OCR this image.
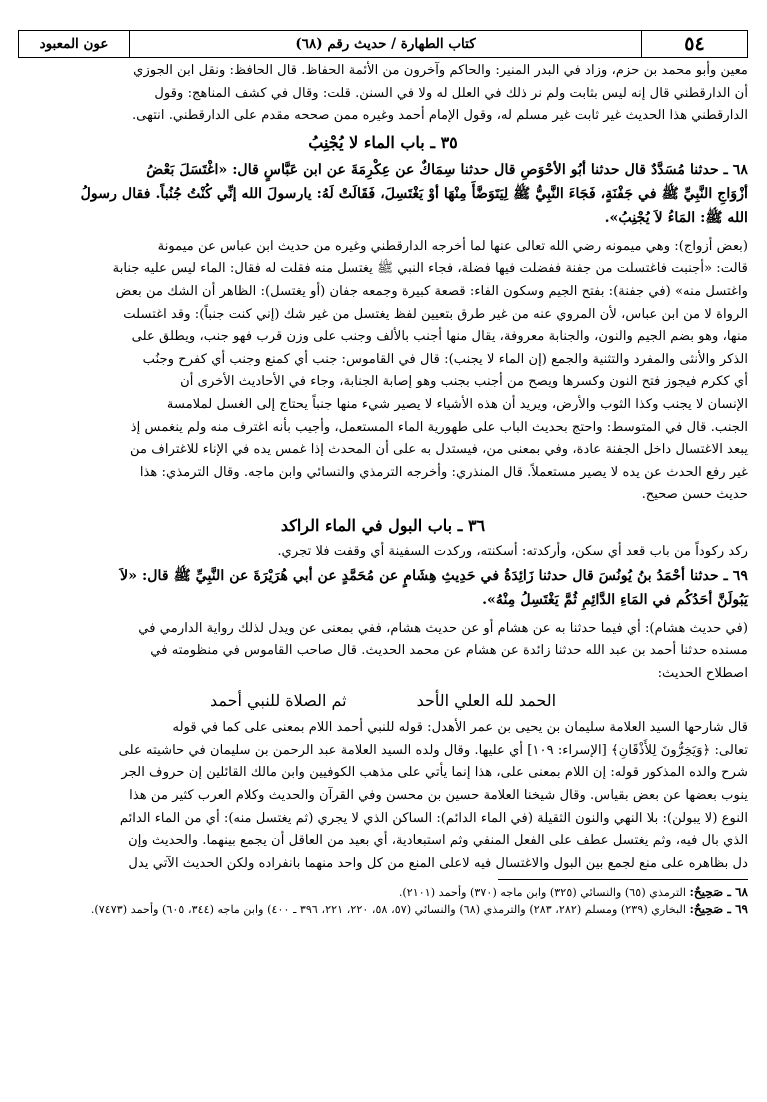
٥٤
كتاب الطهارة / حديث رقم (٦٨)
عون المعبود

معين وأبو محمد بن حزم، وزاد في البدر المنير: والحاكم وآخرون من الأئمة الحفاظ. قال الحافظ: ونقل ابن الجوزي

أن الدارقطني قال إنه ليس بثابت ولم نر ذلك في العلل له ولا في السنن. قلت: وقال في كشف المناهج: وقول

الدارقطني هذا الحديث غير ثابت غير مسلم له، وقول الإمام أحمد وغيره ممن صححه مقدم على الدارقطني. انتهى.

٣٥ ـ باب الماء لا يُجْنِبُ

٦٨ ـ حدثنا مُسَدَّدٌ قال حدثنا أبُو الأحْوَصِ قال حدثنا سِمَاكٌ عن عِكْرِمَةَ عن ابن عَبَّاسٍ قال: «اغْتَسَلَ بَعْضُ

أزْوَاجِ النَّبِيِّ ﷺ في جَفْنَةٍ، فَجَاءَ النَّبِيُّ ﷺ لِيَتَوَضَّأَ مِنْهَا أوْ يَغْتَسِلَ، فَقَالَتْ لَهُ: يارسولَ الله إنِّي كُنْتُ جُنُباً. فقال رسولُ

الله ﷺ: المَاءُ لاَ يُجْنِبُ».

(بعض أزواج): وهي ميمونه رضي الله تعالى عنها لما أخرجه الدارقطني وغيره من حديث ابن عباس عن ميمونة

قالت: «أجنبت فاغتسلت من جفنة ففضلت فيها فضلة، فجاء النبي ﷺ يغتسل منه فقلت له فقال: الماء ليس عليه جنابة

واغتسل منه» (في جفنة): بفتح الجيم وسكون الفاء: قصعة كبيرة وجمعه جفان (أو يغتسل): الظاهر أن الشك من بعض

الرواة لا من ابن عباس، لأن المروي عنه من غير طرق بتعيين لفظ يغتسل من غير شك (إني كنت جنباً): وقد اغتسلت

منها، وهو بضم الجيم والنون، والجنابة معروفة، يقال منها أجنب بالألف وجنب على وزن قرب فهو جنب، ويطلق على

الذكر والأنثى والمفرد والتثنية والجمع (إن الماء لا يجنب): قال في القاموس: جنب أي كمنع وجنب أي كفرح وجنُب

أي ككرم فيجوز فتح النون وكسرها ويصح من أجنب بجنب وهو إصابة الجنابة، وجاء في الأحاديث الأخرى أن

الإنسان لا يجنب وكذا الثوب والأرض، ويريد أن هذه الأشياء لا يصير شيء منها جنباً يحتاج إلى الغسل لملامسة

الجنب. قال في المتوسط: واحتج بحديث الباب على طهورية الماء المستعمل، وأجيب بأنه اغترف منه ولم ينغمس إذ

يبعد الاغتسال داخل الجفنة عادة، وفي بمعنى من، فيستدل به على أن المحدث إذا غمس يده في الإناء للاغتراف من

غير رفع الحدث عن يده لا يصير مستعملاً. قال المنذري: وأخرجه الترمذي والنسائي وابن ماجه. وقال الترمذي: هذا

حديث حسن صحيح.

٣٦ ـ باب البول في الماء الراكد
ركد ركوداً من باب قعد أي سكن، وأركدته: أسكنته، وركدت السفينة أي وقفت فلا تجري.

٦٩ ـ حدثنا أحْمَدُ بنُ يُونُسَ قال حدثنا زَائِدَةُ في حَدِيثِ هِشَامٍ عن مُحَمَّدٍ عن أبي هُرَيْرَةَ عن النَّبِيِّ ﷺ قال: «لاَ

يَبُولَنَّ أحَدُكُم في المَاءِ الدَّائِمِ ثُمَّ يَغْتَسِلُ مِنْهُ».

(في حديث هشام): أي فيما حدثنا به عن هشام أو عن حديث هشام، ففي بمعنى عن ويدل لذلك رواية الدارمي في

مسنده حدثنا أحمد بن عبد الله حدثنا زائدة عن هشام عن محمد الحديث. قال صاحب القاموس في منظومته في

اصطلاح الحديث:

الحمد لله العلي الأحد
ثم الصلاة للنبي أحمد

قال شارحها السيد العلامة سليمان بن يحيى بن عمر الأهدل: قوله للنبي أحمد اللام بمعنى على كما في قوله

تعالى: ﴿وَيَخِرُّونَ لِلأَذْقَانِ﴾ [الإسراء: ١٠٩] أي عليها. وقال ولده السيد العلامة عبد الرحمن بن سليمان في حاشيته على

شرح والده المذكور قوله: إن اللام بمعنى على، هذا إنما يأتي على مذهب الكوفيين وابن مالك القائلين إن حروف الجر

ينوب بعضها عن بعض بقياس. وقال شيخنا العلامة حسين بن محسن وفي القرآن والحديث وكلام العرب كثير من هذا

النوع (لا يبولن): بلا النهي والنون الثقيلة (في الماء الدائم): الساكن الذي لا يجري (ثم يغتسل منه): أي من الماء الدائم

الذي بال فيه، وثم يغتسل عطف على الفعل المنفي وثم استبعادية، أي بعيد من العاقل أن يجمع بينهما. والحديث وإن

دل بظاهره على منع لجمع بين البول والاغتسال فيه لاعلى المنع من كل واحد منهما بانفراده ولكن الحديث الآتي يدل

٦٨ ـ صَحِيحٌ: الترمذي (٦٥) والنسائي (٣٢٥) وابن ماجه (٣٧٠) وأحمد (٢١٠١).

٦٩ ـ صَحِيحٌ: البخاري (٢٣٩) ومسلم (٢٨٢، ٢٨٣) والترمذي (٦٨) والنسائي (٥٧، ٥٨، ٢٢٠، ٢٢١، ٣٩٦ ـ ٤٠٠) وابن ماجه (٣٤٤، ٦٠٥) وأحمد (٧٤٧٣).
